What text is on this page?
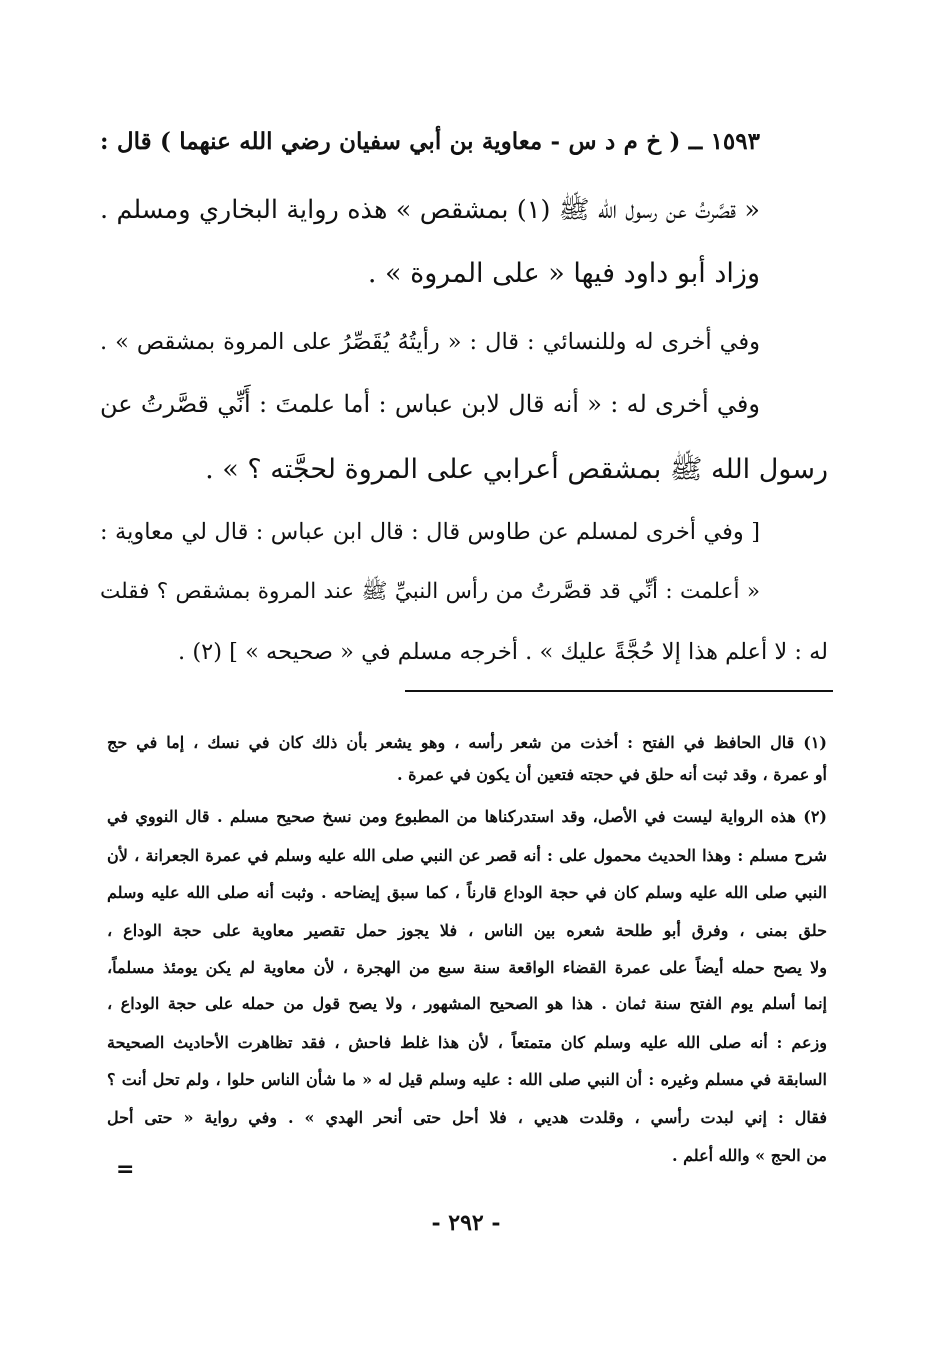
١٥٩٣ ــ ( خ م د س - معاوية بن أبي سفيان رضي الله عنهما ) قال :
« قصَّرتُ عن رسول الله ﷺ (١) بمشقص » هذه رواية البخاري ومسلم .
وزاد أبو داود فيها « على المروة » .
وفي أخرى له وللنسائي : قال : « رأيتُهُ يُقَصِّرُ على المروة بمشقص » .
وفي أخرى له : « أنه قال لابن عباس : أما علمتَ : أَنِّي قصَّرتُ عن
رسول الله ﷺ بمشقص أعرابي على المروة لحجَّته ؟ » .
[ وفي أخرى لمسلم عن طاوس قال : قال ابن عباس : قال لي معاوية :
« أعلمت : أنِّي قد قصَّرتُ من رأس النبيِّ ﷺ عند المروة بمشقص ؟ فقلت
له : لا أعلم هذا إلا حُجَّةً عليك » . أخرجه مسلم في « صحيحه » ] (٢) .
(١) قال الحافظ في الفتح : أخذت من شعر رأسه ، وهو يشعر بأن ذلك كان في نسك ، إما في حج
أو عمرة ، وقد ثبت أنه حلق في حجته فتعين أن يكون في عمرة .
(٢) هذه الرواية ليست في الأصل، وقد استدركناها من المطبوع ومن نسخ صحيح مسلم . قال النووي في
شرح مسلم : وهذا الحديث محمول على : أنه قصر عن النبي صلى الله عليه وسلم في عمرة الجعرانة ، لأن
النبي صلى الله عليه وسلم كان في حجة الوداع قارناً ، كما سبق إيضاحه . وثبت أنه صلى الله عليه وسلم
حلق بمنى ، وفرق أبو طلحة شعره بين الناس ، فلا يجوز حمل تقصير معاوية على حجة الوداع ،
ولا يصح حمله أيضاً على عمرة القضاء الواقعة سنة سبع من الهجرة ، لأن معاوية لم يكن يومئذ مسلماً،
إنما أسلم يوم الفتح سنة ثمان . هذا هو الصحيح المشهور ، ولا يصح قول من حمله على حجة الوداع ،
وزعم : أنه صلى الله عليه وسلم كان متمتعاً ، لأن هذا غلط فاحش ، فقد تظاهرت الأحاديث الصحيحة
السابقة في مسلم وغيره : أن النبي صلى الله : عليه وسلم قيل له « ما شأن الناس حلوا ، ولم تحل أنت ؟
فقال : إني لبدت رأسي ، وقلدت هديي ، فلا أحل حتى أنحر الهدي » . وفي رواية « حتى أحل
من الحج » والله أعلم .
=
- ٢٩٢ -
